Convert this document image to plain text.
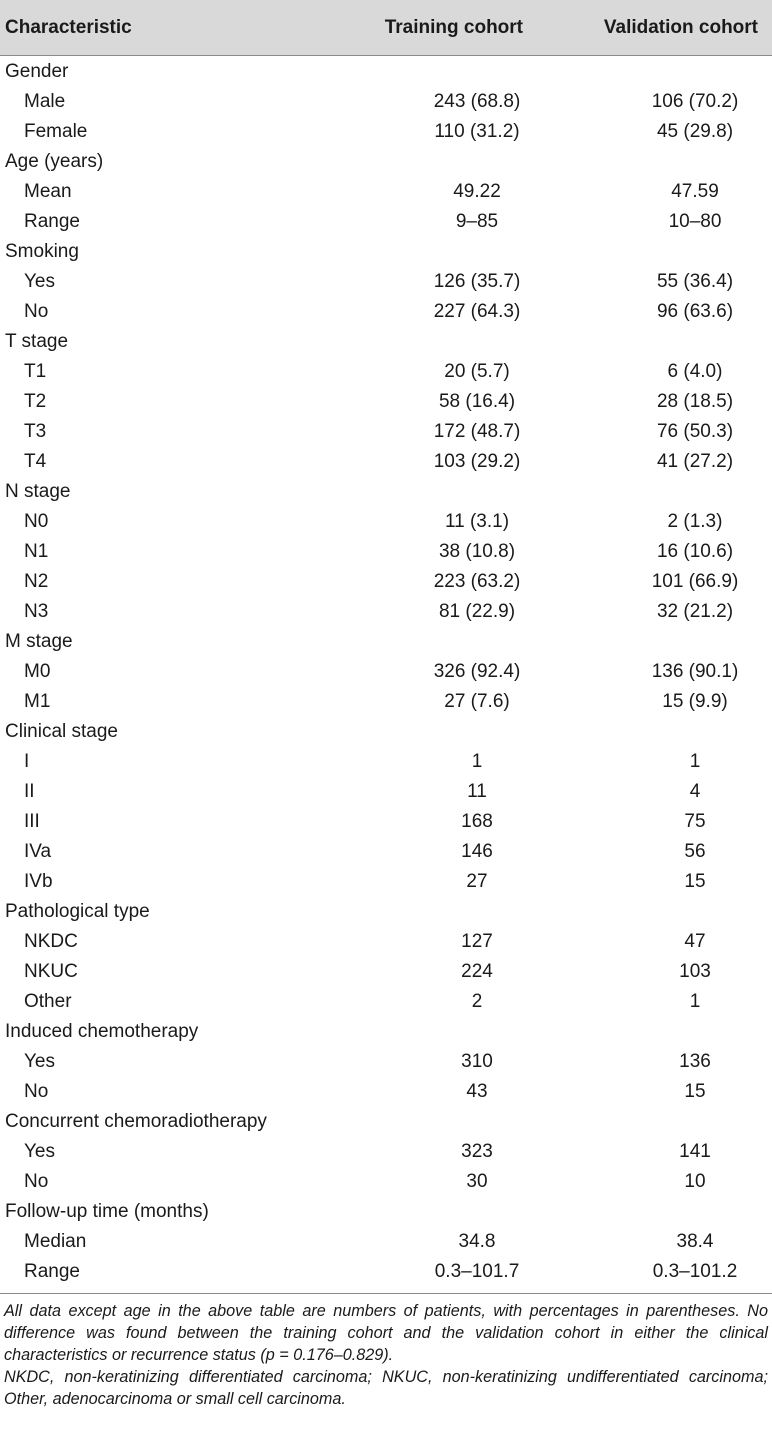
Characteristic	Training cohort	Validation cohort
Gender		
Male	243 (68.8)	106 (70.2)
Female	110 (31.2)	45 (29.8)
Age (years)		
Mean	49.22	47.59
Range	9–85	10–80
Smoking		
Yes	126 (35.7)	55 (36.4)
No	227 (64.3)	96 (63.6)
T stage		
T1	20 (5.7)	6 (4.0)
T2	58 (16.4)	28 (18.5)
T3	172 (48.7)	76 (50.3)
T4	103 (29.2)	41 (27.2)
N stage		
N0	11 (3.1)	2 (1.3)
N1	38 (10.8)	16 (10.6)
N2	223 (63.2)	101 (66.9)
N3	81 (22.9)	32 (21.2)
M stage		
M0	326 (92.4)	136 (90.1)
M1	27 (7.6)	15 (9.9)
Clinical stage		
I	1	1
II	11	4
III	168	75
IVa	146	56
IVb	27	15
Pathological type		
NKDC	127	47
NKUC	224	103
Other	2	1
Induced chemotherapy		
Yes	310	136
No	43	15
Concurrent chemoradiotherapy		
Yes	323	141
No	30	10
Follow-up time (months)		
Median	34.8	38.4
Range	0.3–101.7	0.3–101.2

All data except age in the above table are numbers of patients, with percentages in parentheses. No difference was found between the training cohort and the validation cohort in either the clinical characteristics or recurrence status (p = 0.176–0.829).

NKDC, non-keratinizing differentiated carcinoma; NKUC, non-keratinizing undifferentiated carcinoma; Other, adenocarcinoma or small cell carcinoma.
